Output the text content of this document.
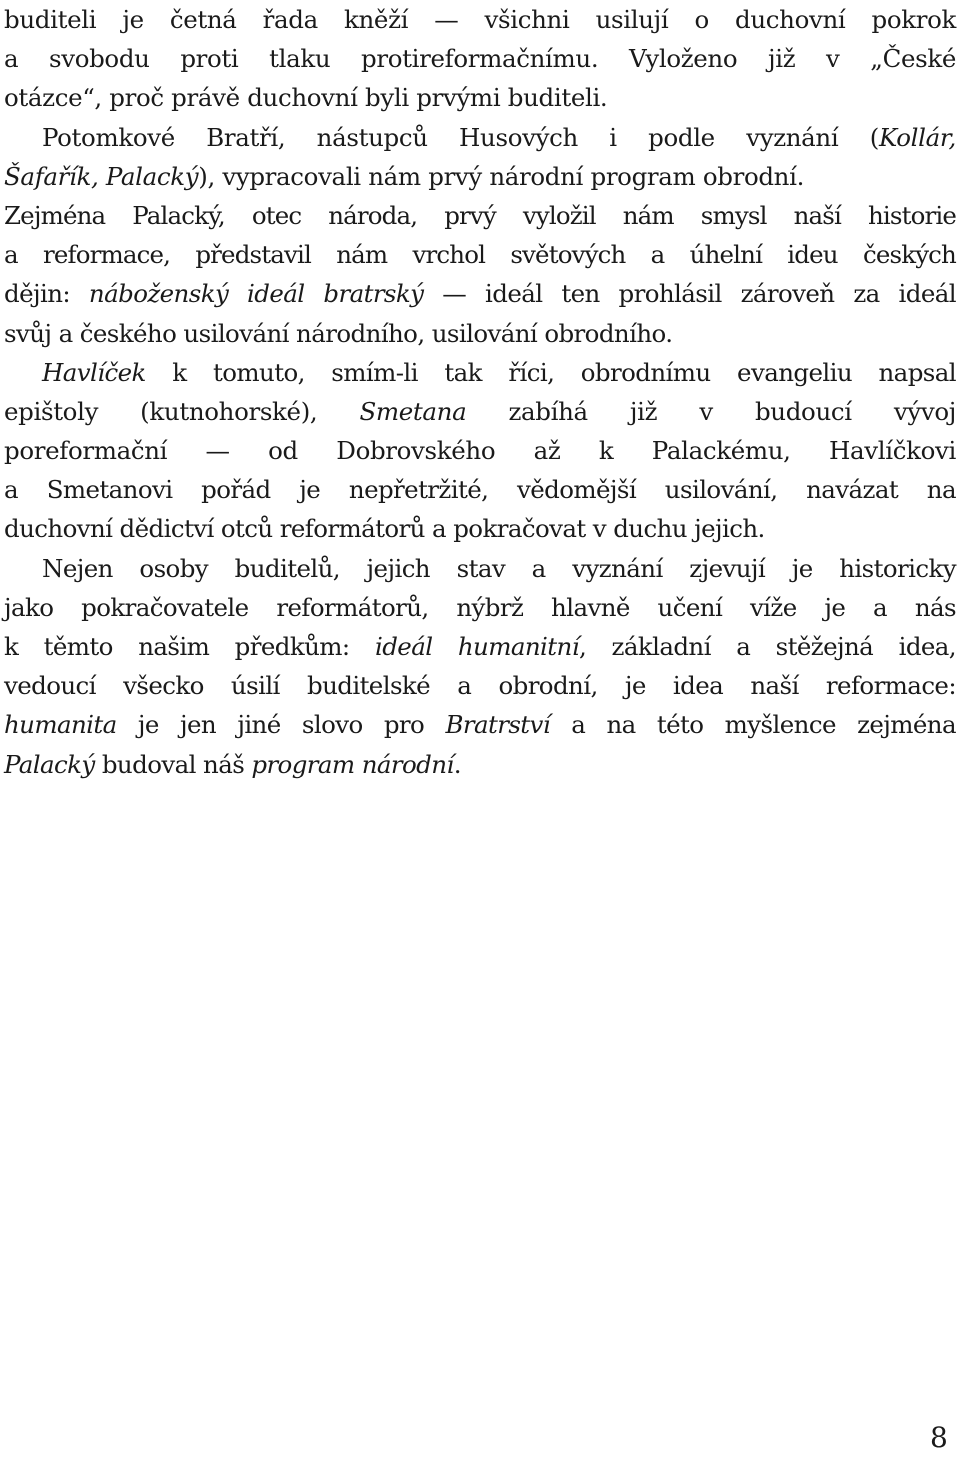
buditeli je četná řada kněží — všichni usilují o duchovní pokrok
a svobodu proti tlaku protireformačnímu. Vyloženo již v „České
otázce“, proč právě duchovní byli prvými buditeli.
Potomkové Bratří, nástupců Husových i podle vyznání (Kollár,
Šafařík, Palacký), vypracovali nám prvý národní program obrodní.
Zejména Palacký, otec národa, prvý vyložil nám smysl naší historie
a reformace, představil nám vrchol světových a úhelní ideu českých
dějin: náboženský ideál bratrský — ideál ten prohlásil zároveň za ideál
svůj a českého usilování národního, usilování obrodního.
Havlíček k tomuto, smím-li tak říci, obrodnímu evangeliu napsal
epištoly (kutnohorské), Smetana zabíhá již v budoucí vývoj
poreformační — od Dobrovského až k Palackému, Havlíčkovi
a Smetanovi pořád je nepřetržité, vědomější usilování, navázat na
duchovní dědictví otců reformátorů a pokračovat v duchu jejich.
Nejen osoby buditelů, jejich stav a vyznání zjevují je historicky
jako pokračovatele reformátorů, nýbrž hlavně učení víže je a nás
k těmto našim předkům: ideál humanitní, základní a stěžejná idea,
vedoucí všecko úsilí buditelské a obrodní, je idea naší reformace:
humanita je jen jiné slovo pro Bratrství a na této myšlence zejména
Palacký budoval náš program národní.
8
